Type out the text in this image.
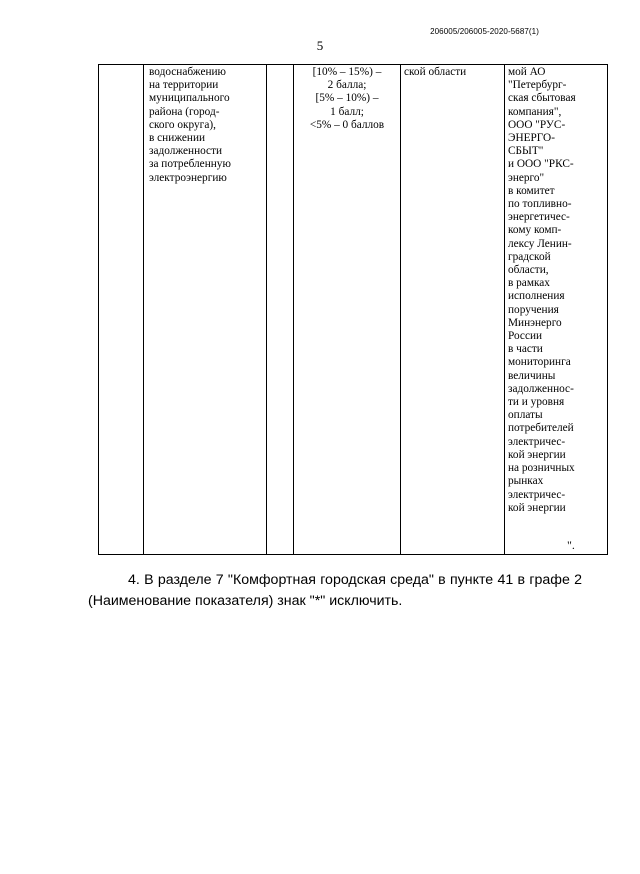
206005/206005-2020-5687(1)
5
	водоснабжению
на территории
муниципального
района (город-
ского округа),
в снижении
задолженности
за потребленную
электроэнергию		[10% – 15%) –
2 балла;
[5% – 10%) –
1 балл;
<5% – 0 баллов	ской области	мой АО
"Петербург-
ская сбытовая
компания",
ООО "РУС-
ЭНЕРГО-
СБЫТ"
и ООО "РКС-
энерго"
в комитет
по топливно-
энергетичес-
кому комп-
лексу Ленин-
градской
области,
в рамках
исполнения
поручения
Минэнерго
России
в части
мониторинга
величины
задолженнос-
ти и уровня
оплаты
потребителей
электричес-
кой энергии
на розничных
рынках
электричес-
кой энергии
".
4. В разделе 7 "Комфортная городская среда" в пункте 41 в графе 2 (Наименование показателя) знак "*" исключить.
